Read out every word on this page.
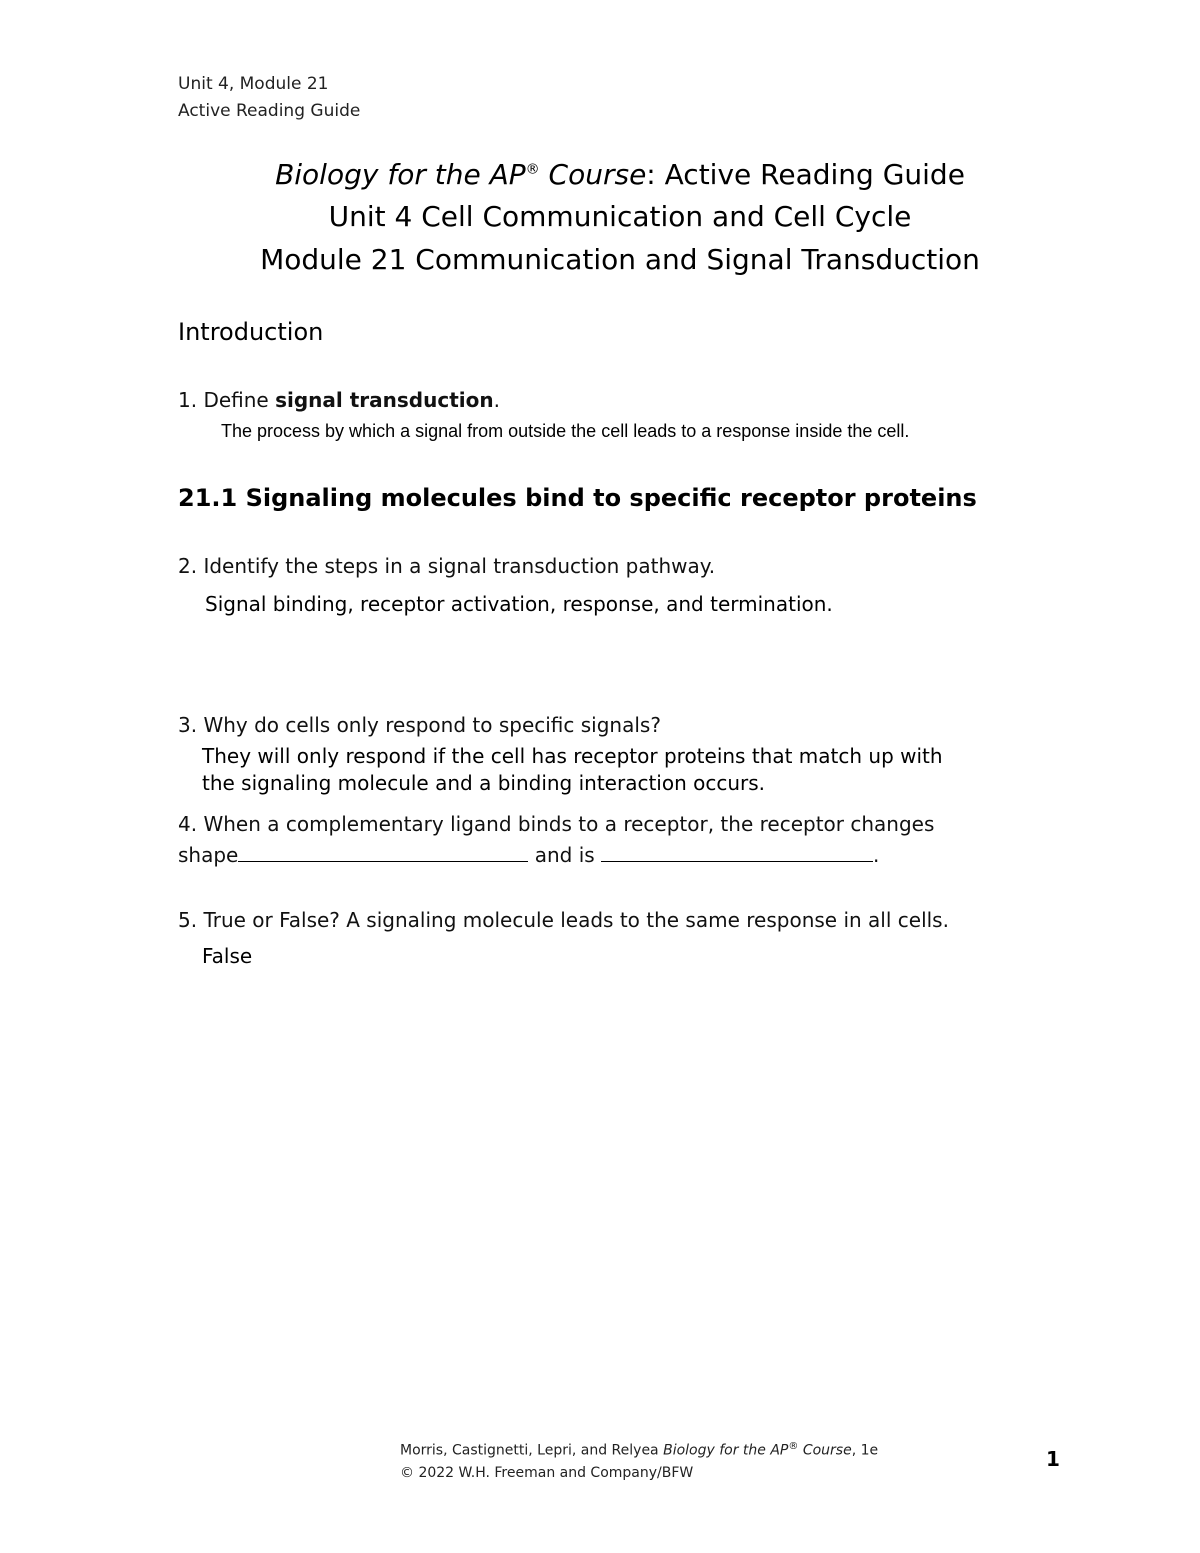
Unit 4, Module 21
Active Reading Guide
Biology for the AP® Course: Active Reading Guide
Unit 4 Cell Communication and Cell Cycle
Module 21 Communication and Signal Transduction
Introduction
1. Define signal transduction.
The process by which a signal from outside the cell leads to a response inside the cell.
21.1 Signaling molecules bind to specific receptor proteins
2. Identify the steps in a signal transduction pathway.
Signal binding, receptor activation, response, and termination.
3. Why do cells only respond to specific signals?
They will only respond if the cell has receptor proteins that match up with
the signaling molecule and a binding interaction occurs.
4. When a complementary ligand binds to a receptor, the receptor changes
shape	and is	.
5. True or False? A signaling molecule leads to the same response in all cells.
False
Morris, Castignetti, Lepri, and Relyea Biology for the AP® Course, 1e
© 2022 W.H. Freeman and Company/BFW
1
